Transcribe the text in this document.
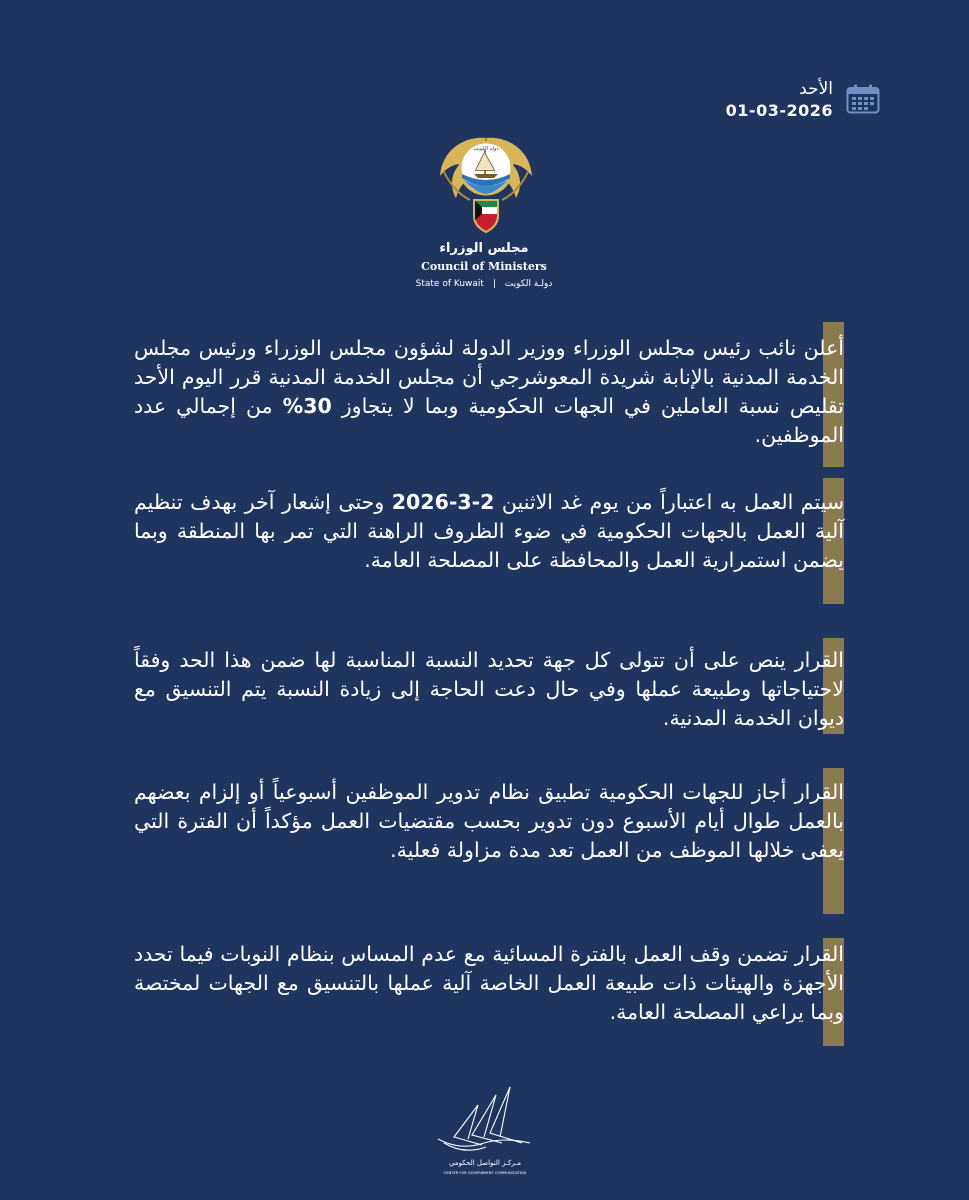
الأحد
01-03-2026
دولة الكويت
مجلس الوزراء
Council of Ministers
State of Kuwait | دولـة الكويت

أعلن نائب رئيس مجلس الوزراء ووزير الدولة لشؤون مجلس الوزراء ورئيس مجلس الخدمة المدنية بالإنابة شريدة المعوشرجي أن مجلس الخدمة المدنية قرر اليوم الأحد تقليص نسبة العاملين في الجهات الحكومية وبما لا يتجاوز 30% من إجمالي عدد الموظفين.

سيتم العمل به اعتباراً من يوم غد الاثنين 2-3-2026 وحتى إشعار آخر بهدف تنظيم آلية العمل بالجهات الحكومية في ضوء الظروف الراهنة التي تمر بها المنطقة وبما يضمن استمرارية العمل والمحافظة على المصلحة العامة.

القرار ينص على أن تتولى كل جهة تحديد النسبة المناسبة لها ضمن هذا الحد وفقاً لاحتياجاتها وطبيعة عملها وفي حال دعت الحاجة إلى زيادة النسبة يتم التنسيق مع ديوان الخدمة المدنية.

القرار أجاز للجهات الحكومية تطبيق نظام تدوير الموظفين أسبوعياً أو إلزام بعضهم بالعمل طوال أيام الأسبوع دون تدوير بحسب مقتضيات العمل مؤكداً أن الفترة التي يعفى خلالها الموظف من العمل تعد مدة مزاولة فعلية.

القرار تضمن وقف العمل بالفترة المسائية مع عدم المساس بنظام النوبات فيما تحدد الأجهزة والهيئات ذات طبيعة العمل الخاصة آلية عملها بالتنسيق مع الجهات لمختصة وبما يراعي المصلحة العامة.

مـركـز التواصل الحكومي
CENTER FOR GOVERNMENT COMMUNICATION
